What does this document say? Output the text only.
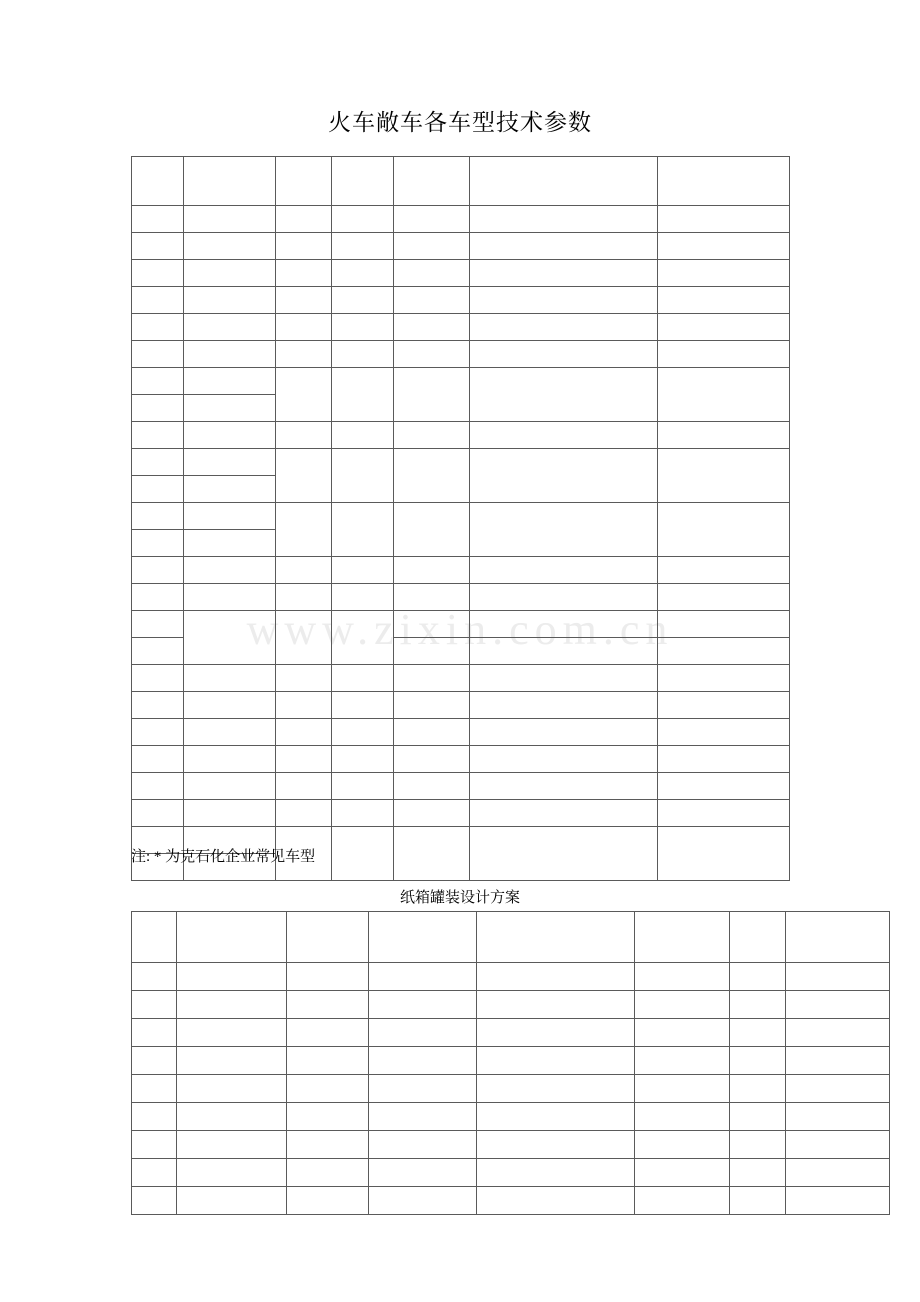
www.zixin.com.cn
火车敞车各车型技术参数

注: * 为克石化企业常见车型
纸箱罐装设计方案
